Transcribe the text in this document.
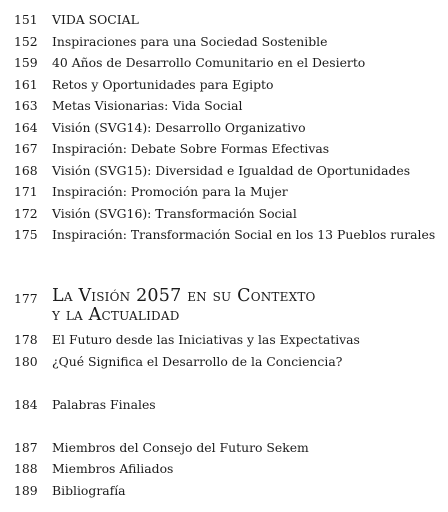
151	VIDA SOCIAL
152	Inspiraciones para una Sociedad Sostenible
159	40 Años de Desarrollo Comunitario en el Desierto
161	Retos y Oportunidades para Egipto
163	Metas Visionarias: Vida Social
164	Visión (SVG14): Desarrollo Organizativo
167	Inspiración: Debate Sobre Formas Efectivas
168	Visión (SVG15): Diversidad e Igualdad de Oportunidades
171	Inspiración: Promoción para la Mujer
172	Visión (SVG16): Transformación Social
175	Inspiración: Transformación Social en los 13 Pueblos rurales
177 La Visión 2057 en su Contexto
y la Actualidad
178	El Futuro desde las Iniciativas y las Expectativas
180	¿Qué Significa el Desarrollo de la Conciencia?
184	Palabras Finales
187	Miembros del Consejo del Futuro Sekem
188	Miembros Afiliados
189	Bibliografía
